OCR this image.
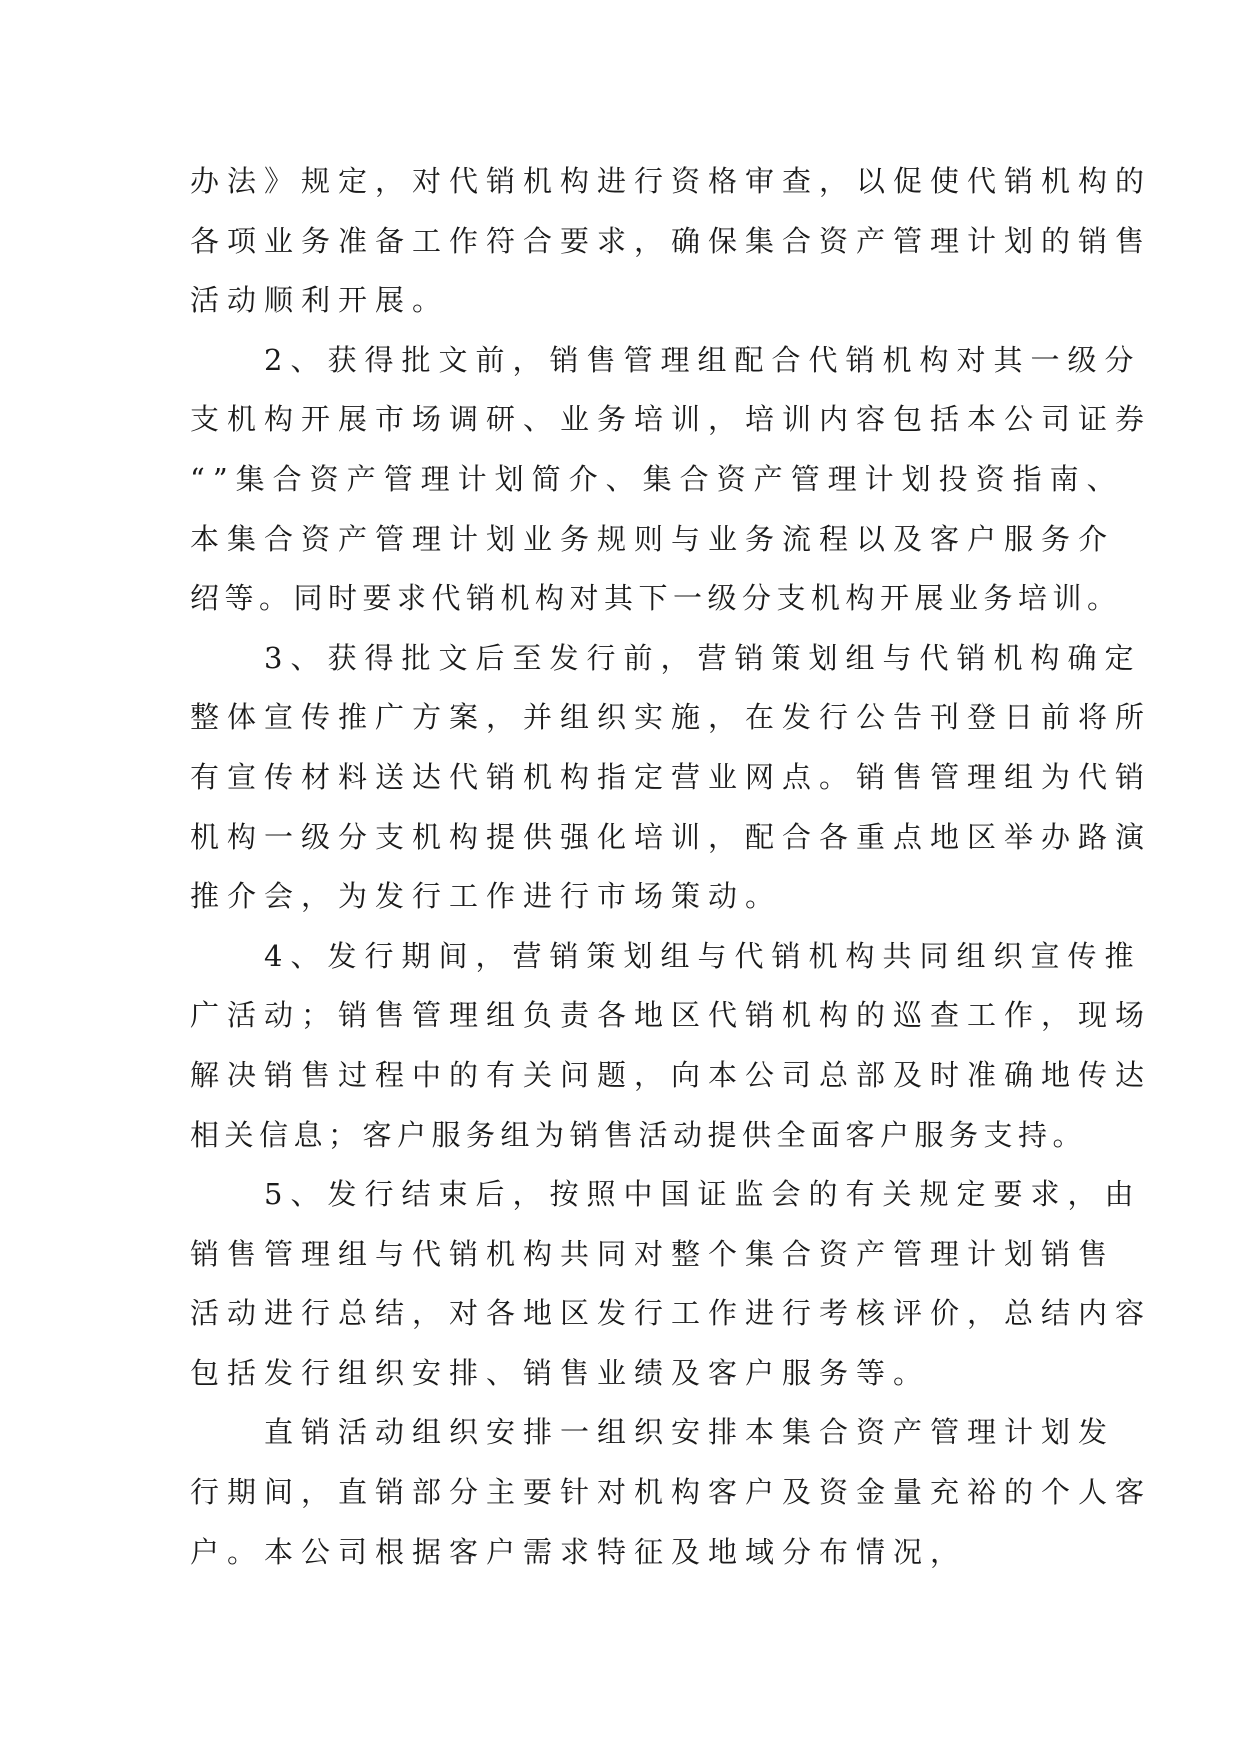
办法》规定，对代销机构进行资格审查，以促使代销机构的
各项业务准备工作符合要求，确保集合资产管理计划的销售
活动顺利开展。
　　2、获得批文前，销售管理组配合代销机构对其一级分
支机构开展市场调研、业务培训，培训内容包括本公司证券
“”集合资产管理计划简介、集合资产管理计划投资指南、
本集合资产管理计划业务规则与业务流程以及客户服务介
绍等。同时要求代销机构对其下一级分支机构开展业务培训。
　　3、获得批文后至发行前，营销策划组与代销机构确定
整体宣传推广方案，并组织实施，在发行公告刊登日前将所
有宣传材料送达代销机构指定营业网点。销售管理组为代销
机构一级分支机构提供强化培训，配合各重点地区举办路演
推介会，为发行工作进行市场策动。
　　4、发行期间，营销策划组与代销机构共同组织宣传推
广活动；销售管理组负责各地区代销机构的巡查工作，现场
解决销售过程中的有关问题，向本公司总部及时准确地传达
相关信息；客户服务组为销售活动提供全面客户服务支持。
　　5、发行结束后，按照中国证监会的有关规定要求，由
销售管理组与代销机构共同对整个集合资产管理计划销售
活动进行总结，对各地区发行工作进行考核评价，总结内容
包括发行组织安排、销售业绩及客户服务等。
　　直销活动组织安排一组织安排本集合资产管理计划发
行期间，直销部分主要针对机构客户及资金量充裕的个人客
户。本公司根据客户需求特征及地域分布情况，
